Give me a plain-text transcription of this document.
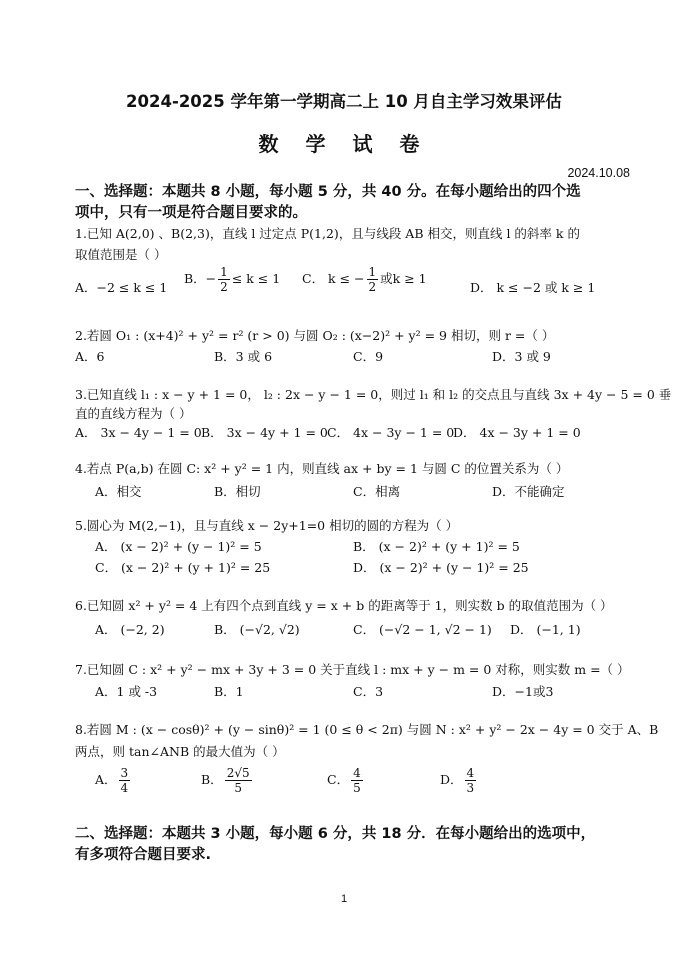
2024-2025 学年第一学期高二上 10 月自主学习效果评估
数 学 试 卷
2024.10.08
一、选择题：本题共 8 小题，每小题 5 分，共 40 分。在每小题给出的四个选
项中，只有一项是符合题目要求的。
1.已知 A(2,0) 、B(2,3)，直线 l 过定点 P(1,2)，且与线段 AB 相交，则直线 l 的斜率 k 的
取值范围是（ ）
A．−2 ≤ k ≤ 1
B．− $\frac{1}{2} \le k \le 1$ C． k ≤ − $\frac{1}{2}$ 或k ≥ 1
D． k ≤ −2 或 k ≥ 1
2.若圆 O₁ : (x+4)² + y² = r² (r > 0) 与圆 O₂ : (x−2)² + y² = 9 相切，则 r =（ ）
A．6	B．3 或 6	C．9	D．3 或 9
3.已知直线 l₁ : x − y + 1 = 0， l₂ : 2x − y − 1 = 0，则过 l₁ 和 l₂ 的交点且与直线 3x + 4y − 5 = 0 垂
直的直线方程为（ ）
A． 3x − 4y − 1 = 0 B． 3x − 4y + 1 = 0 C． 4x − 3y − 1 = 0
D． 4x − 3y + 1 = 0
4.若点 P(a,b) 在圆 C: x² + y² = 1 内，则直线 ax + by = 1 与圆 C 的位置关系为（ ）
A．相交	B．相切	C．相离	D．不能确定
5.圆心为 M(2,−1)，且与直线 x − 2y+1=0 相切的圆的方程为（ ）
A． (x − 2)² + (y − 1)² = 5	B． (x − 2)² + (y + 1)² = 5
C． (x − 2)² + (y + 1)² = 25	D． (x − 2)² + (y − 1)² = 25
6.已知圆 x² + y² = 4 上有四个点到直线 y = x + b 的距离等于 1，则实数 b 的取值范围为（ ）
A． (−2, 2)	B． (−√2, √2)	C． (−√2 − 1, √2 − 1) D． (−1, 1)
7.已知圆 C : x² + y² − mx + 3y + 3 = 0 关于直线 l : mx + y − m = 0 对称，则实数 m =（ ）
A．1 或 -3	B．1	C．3	D．−1或3
8.若圆 M : (x − cosθ)² + (y − sinθ)² = 1 (0 ≤ θ < 2π) 与圆 N : x² + y² − 2x − 4y = 0 交于 A、B
两点，则 tan∠ANB 的最大值为（ ）
A． $\frac{3}{4}$	B． $\frac{2√5}{5}$	C． $\frac{4}{5}$	D． $\frac{4}{3}$
二、选择题：本题共 3 小题，每小题 6 分，共 18 分．在每小题给出的选项中，
有多项符合题目要求.
1
